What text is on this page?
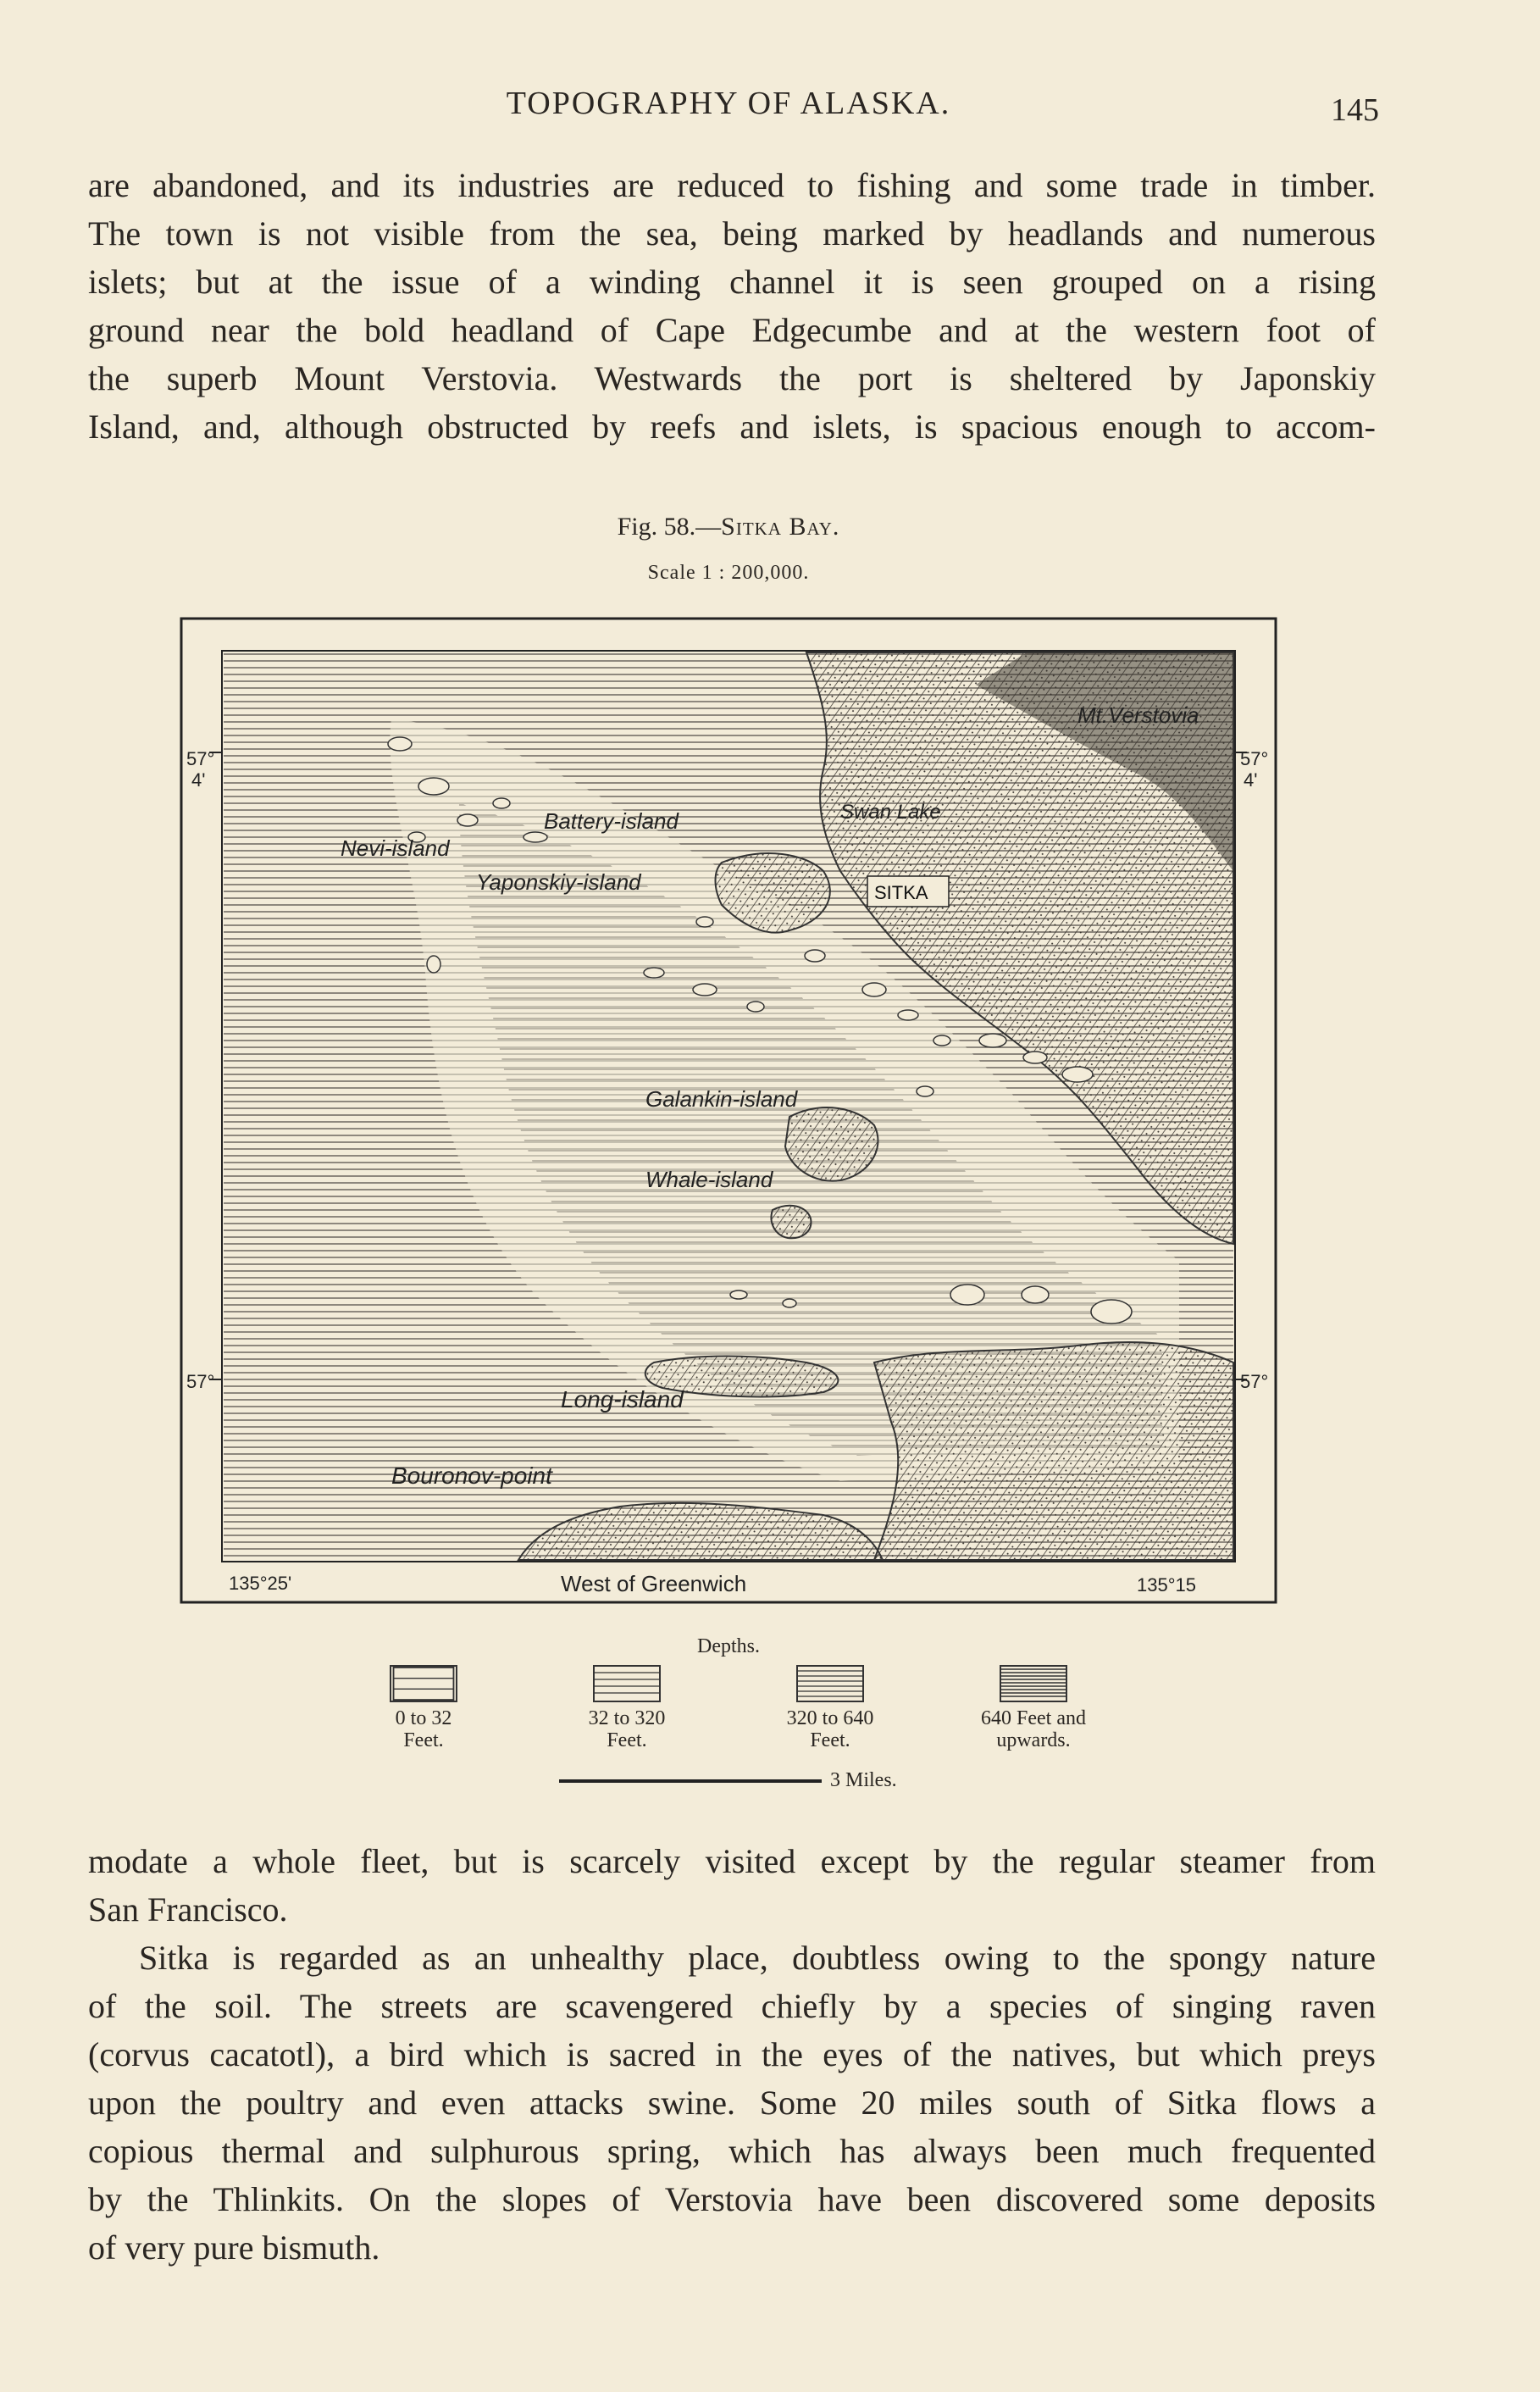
TOPOGRAPHY OF ALASKA.	145
are abandoned, and its industries are reduced to fishing and some trade in timber.
The town is not visible from the sea, being marked by headlands and numerous
islets; but at the issue of a winding channel it is seen grouped on a rising
ground near the bold headland of Cape Edgecumbe and at the western foot of
the superb Mount Verstovia. Westwards the port is sheltered by Japonskiy
Island, and, although obstructed by reefs and islets, is spacious enough to accom-
Fig. 58.—Sitka Bay.
Scale 1 : 200,000.
Mt.Verstovia
Swan Lake
Battery-island
Nevi-island
Yaponskiy-island
Galankin-island
Whale-island
Long-island
Bouronov-point
SITKA
57°
4'
57°
4'
57°	57°
135°25'	West of Greenwich	135°15
Depths.
0 to 32
Feet.
32 to 320
Feet.
320 to 640
Feet.
640 Feet and
upwards.
3 Miles.
modate a whole fleet, but is scarcely visited except by the regular steamer from
San Francisco.
Sitka is regarded as an unhealthy place, doubtless owing to the spongy nature
of the soil. The streets are scavengered chiefly by a species of singing raven
(corvus cacatotl), a bird which is sacred in the eyes of the natives, but which preys
upon the poultry and even attacks swine. Some 20 miles south of Sitka flows a
copious thermal and sulphurous spring, which has always been much frequented
by the Thlinkits. On the slopes of Verstovia have been discovered some deposits
of very pure bismuth.
